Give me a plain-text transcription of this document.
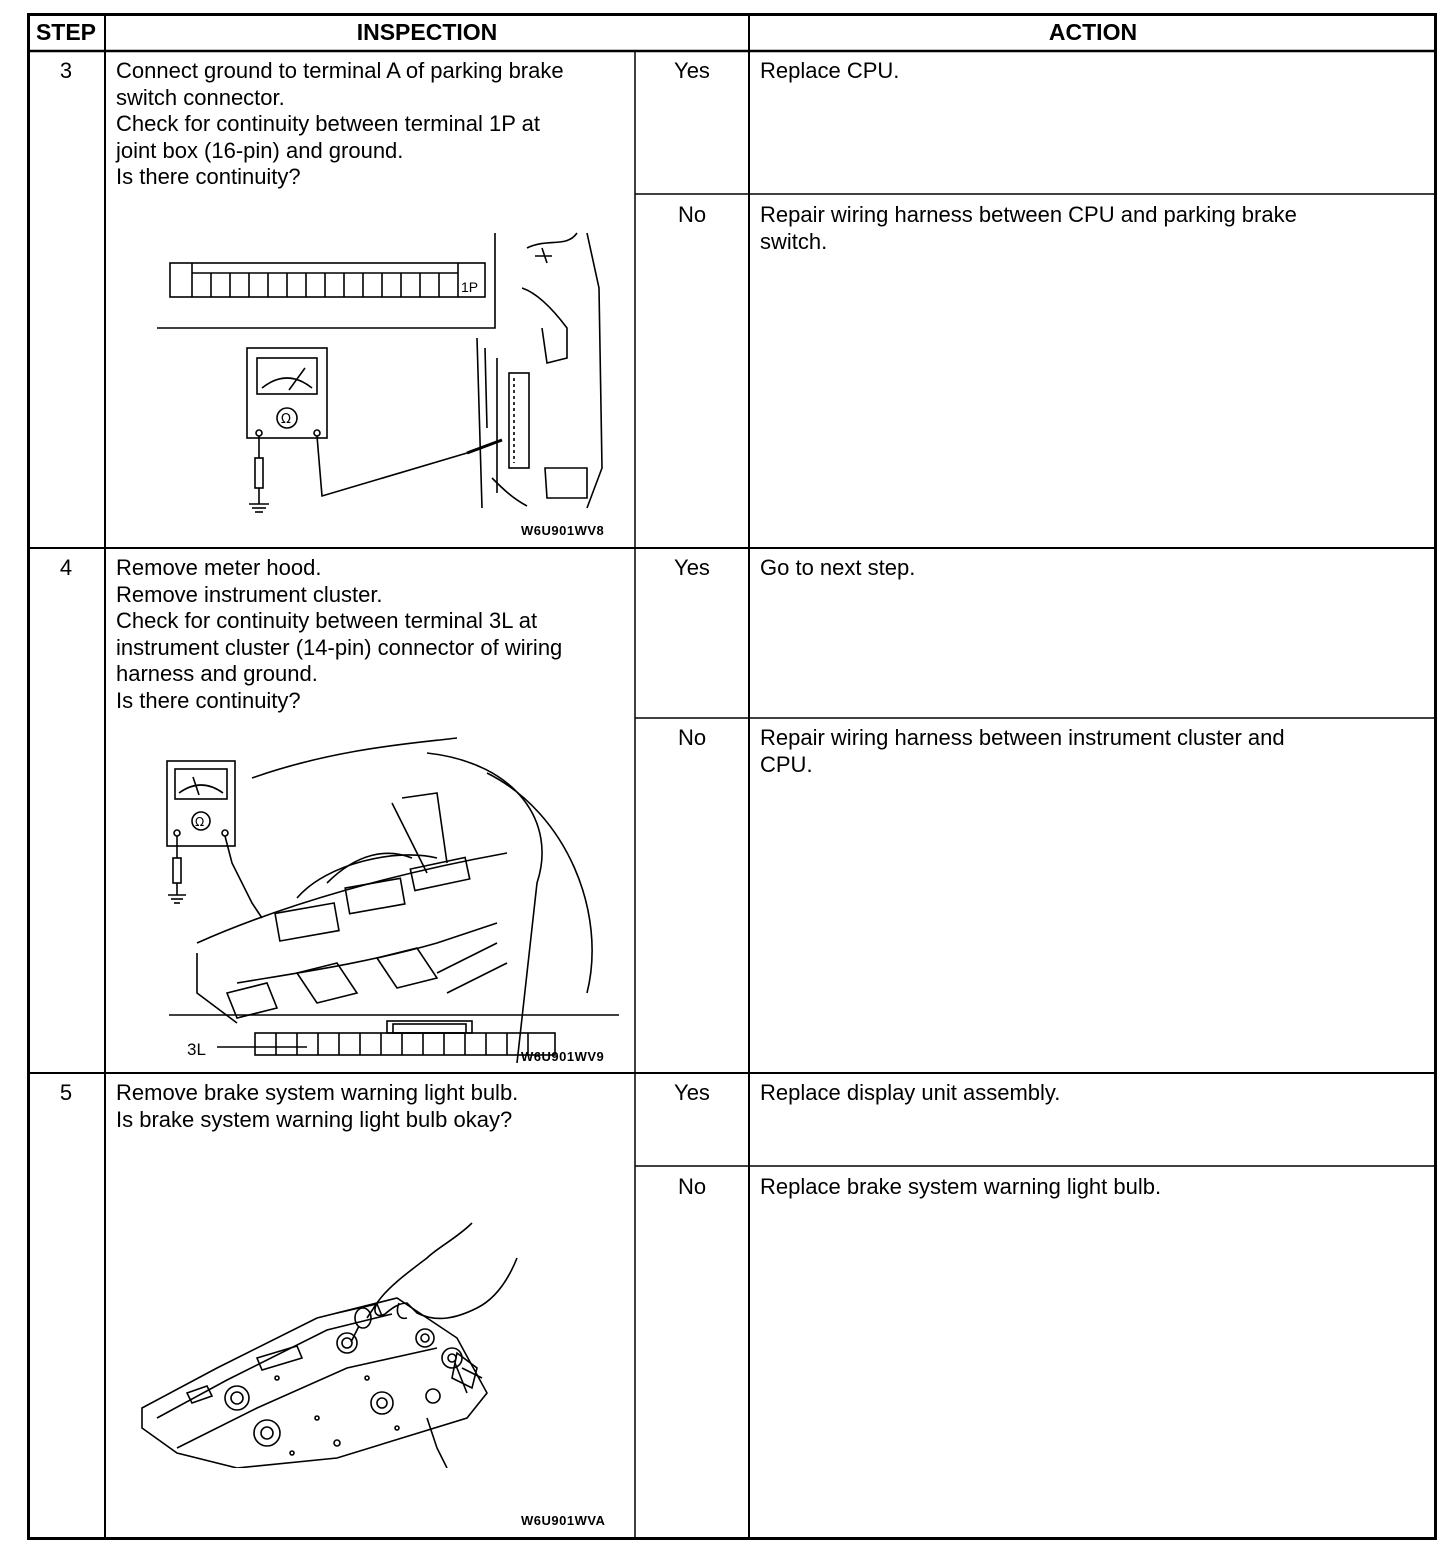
STEP	INSPECTION	ACTION
3	Connect ground to terminal A of parking brake
switch connector.
Check for continuity between terminal 1P at
joint box (16-pin) and ground.
Is there continuity?
1P
Ω
W6U901WV8
Yes	Replace CPU.
No	Repair wiring harness between CPU and parking brake
switch.
4	Remove meter hood.
Remove instrument cluster.
Check for continuity between terminal 3L at
instrument cluster (14-pin) connector of wiring
harness and ground.
Is there continuity?
Ω
3L	W6U901WV9
Yes	Go to next step.
No	Repair wiring harness between instrument cluster and
CPU.
5	Remove brake system warning light bulb.
Is brake system warning light bulb okay?
W6U901WVA
Yes	Replace display unit assembly.
No	Replace brake system warning light bulb.
